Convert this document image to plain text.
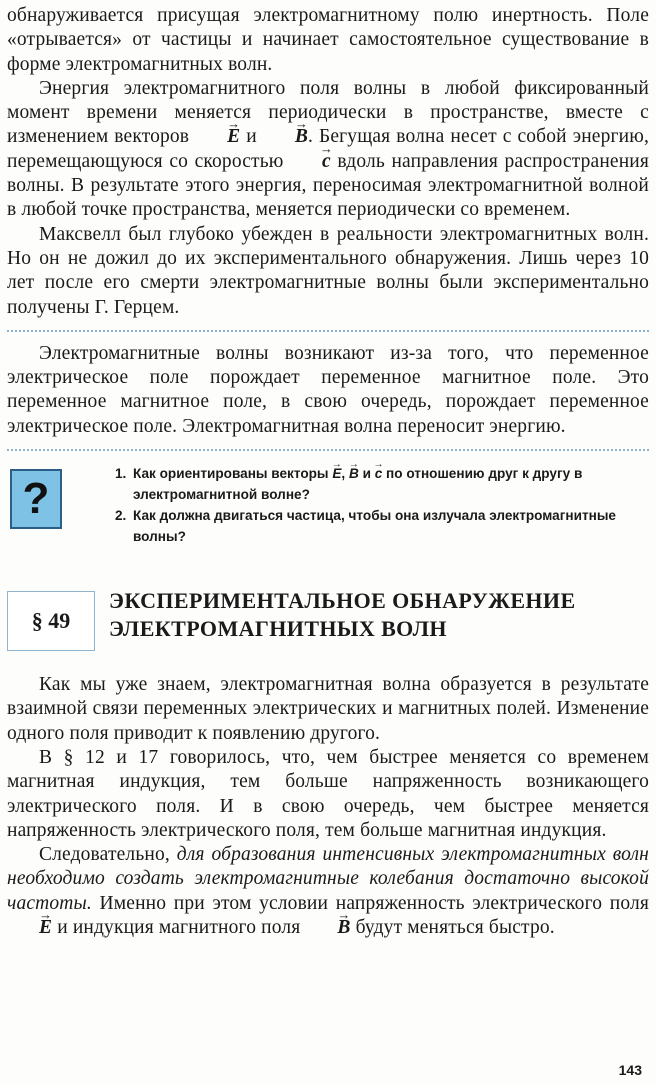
обнаруживается присущая электромагнитному полю инертность. Поле «отрывается» от частицы и начинает самостоятельное существование в форме электромагнитных волн.

Энергия электромагнитного поля волны в любой фиксированный момент времени меняется периодически в пространстве, вместе с изменением векторов → E и → B. Бегущая волна несет с собой энергию, перемещающуюся со скоростью → c вдоль направления распространения волны. В результате этого энергия, переносимая электромагнитной волной в любой точке пространства, меняется периодически со временем.

Максвелл был глубоко убежден в реальности электромагнитных волн. Но он не дожил до их экспериментального обнаружения. Лишь через 10 лет после его смерти электромагнитные волны были экспериментально получены Г. Герцем.

Электромагнитные волны возникают из-за того, что переменное электрическое поле порождает переменное магнитное поле. Это переменное магнитное поле, в свою очередь, порождает переменное электрическое поле. Электромагнитная волна переносит энергию.

?
1. Как ориентированы векторы → E, → B и → c по отношению друг к другу в электромагнитной волне?
2. Как должна двигаться частица, чтобы она излучала электромагнитные волны?
§ 49
ЭКСПЕРИМЕНТАЛЬНОЕ ОБНАРУЖЕНИЕ
ЭЛЕКТРОМАГНИТНЫХ ВОЛН

Как мы уже знаем, электромагнитная волна образуется в результате взаимной связи переменных электрических и магнитных полей. Изменение одного поля приводит к появлению другого.

В § 12 и 17 говорилось, что, чем быстрее меняется со временем магнитная индукция, тем больше напряженность возникающего электрического поля. И в свою очередь, чем быстрее меняется напряженность электрического поля, тем больше магнитная индукция.

Следовательно, для образования интенсивных электромагнитных волн необходимо создать электромагнитные колебания достаточно высокой частоты. Именно при этом условии напряженность электрического поля → E и индукция магнитного поля → B будут меняться быстро.

143
